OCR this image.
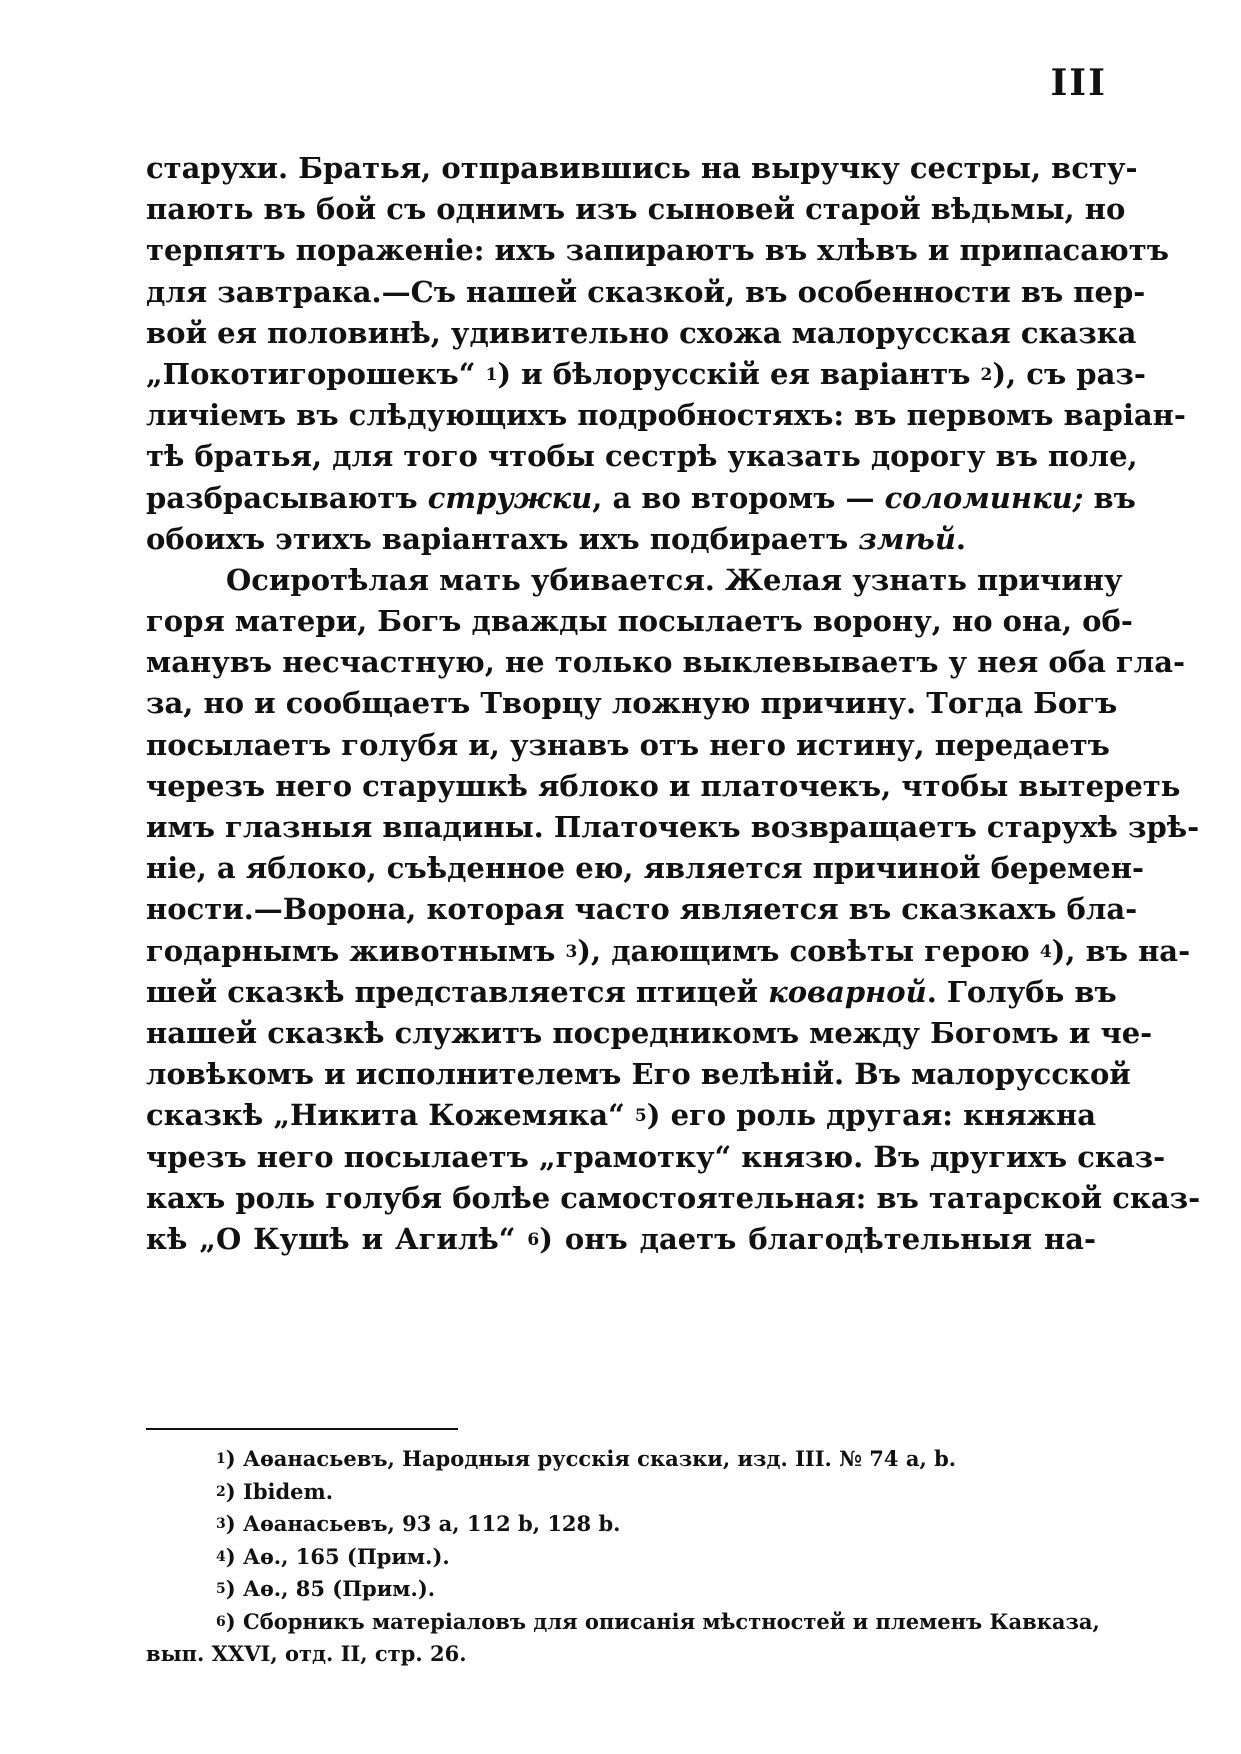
III
старухи. Братья, отправившись на выручку сестры, всту-
пають въ бой съ однимъ изъ сыновей старой вѣдьмы, но
терпятъ пораженіе: ихъ запираютъ въ хлѣвъ и припасаютъ
для завтрака.—Съ нашей сказкой, въ особенности въ пер-
вой ея половинѣ, удивительно схожа малорусская сказка
„Покотигорошекъ“ $^1$) и бѣлорусскій ея варіантъ $^2$), съ раз-
личіемъ въ слѣдующихъ подробностяхъ: въ первомъ варіан-
тѣ братья, для того чтобы сестрѣ указать дорогу въ поле,
разбрасываютъ стружки, а во второмъ — соломинки; въ
обоихъ этихъ варіантахъ ихъ подбираетъ змѣй.
Осиротѣлая мать убивается. Желая узнать причину
горя матери, Богъ дважды посылаетъ ворону, но она, об-
манувъ несчастную, не только выклевываетъ у нея оба гла-
за, но и сообщаетъ Творцу ложную причину. Тогда Богъ
посылаетъ голубя и, узнавъ отъ него истину, передаетъ
черезъ него старушкѣ яблоко и платочекъ, чтобы вытереть
имъ глазныя впадины. Платочекъ возвращаетъ старухѣ зрѣ-
ніе, а яблоко, съѣденное ею, является причиной беремен-
ности.—Ворона, которая часто является въ сказкахъ бла-
годарнымъ животнымъ $^3$), дающимъ совѣты герою $^4$), въ на-
шей сказкѣ представляется птицей коварной. Голубь въ
нашей сказкѣ служитъ посредникомъ между Богомъ и че-
ловѣкомъ и исполнителемъ Его велѣній. Въ малорусской
сказкѣ „Никита Кожемяка“ $^5$) его роль другая: княжна
чрезъ него посылаетъ „грамотку“ князю. Въ другихъ сказ-
кахъ роль голубя болѣе самостоятельная: въ татарской сказ-
кѣ „О Кушѣ и Агилѣ“ $^6$) онъ даетъ благодѣтельныя на-
$^1$) Аѳанасьевъ, Народныя русскія сказки, изд. III. № 74 a, b.
$^2$) Ibidem.
$^3$) Аѳанасьевъ, 93 a, 112 b, 128 b.
$^4$) Аѳ., 165 (Прим.).
$^5$) Аѳ., 85 (Прим.).
$^6$) Сборникъ матеріаловъ для описанія мѣстностей и племенъ Кавказа,
вып. XXVI, отд. II, стр. 26.
